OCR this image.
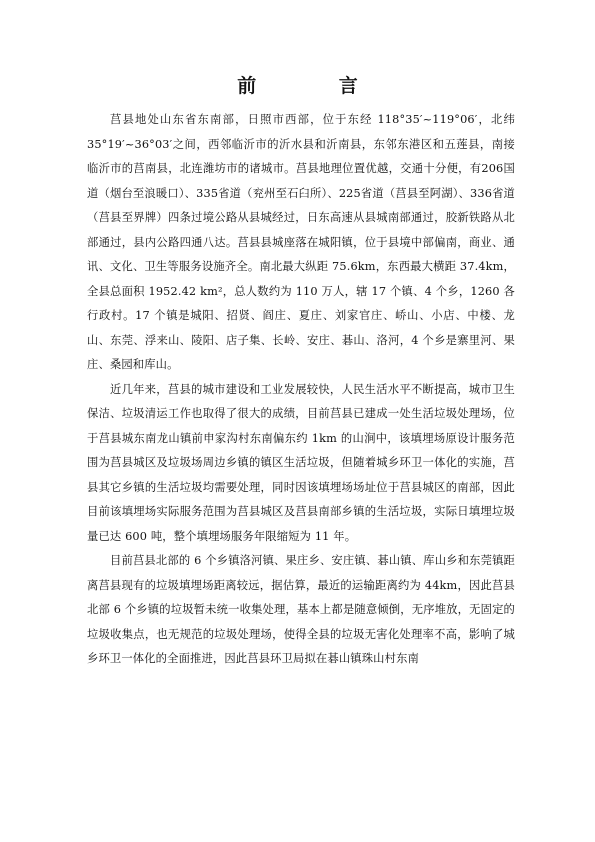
前 言

莒县地处山东省东南部，日照市西部，位于东经 118°35′~119°06′，北纬35°19′~36°03′之间，西邻临沂市的沂水县和沂南县，东邻东港区和五莲县，南接临沂市的莒南县，北连潍坊市的诸城市。莒县地理位置优越，交通十分便，有206国道（烟台至浪暖口）、335省道（兖州至石臼所）、225省道（莒县至阿湖）、336省道（莒县至界牌）四条过境公路从县城经过，日东高速从县城南部通过，胶新铁路从北部通过，县内公路四通八达。莒县县城座落在城阳镇，位于县境中部偏南，商业、通讯、文化、卫生等服务设施齐全。南北最大纵距 75.6km，东西最大横距 37.4km，全县总面积 1952.42 km²，总人数约为 110 万人，辖 17 个镇、4 个乡，1260 各行政村。17 个镇是城阳、招贤、阎庄、夏庄、刘家官庄、峤山、小店、中楼、龙山、东莞、浮来山、陵阳、店子集、长岭、安庄、碁山、洛河，4 个乡是寨里河、果庄、桑园和库山。

近几年来，莒县的城市建设和工业发展较快，人民生活水平不断提高，城市卫生保洁、垃圾清运工作也取得了很大的成绩，目前莒县已建成一处生活垃圾处理场，位于莒县城东南龙山镇前申家沟村东南偏东约 1km 的山涧中，该填埋场原设计服务范围为莒县城区及垃圾场周边乡镇的镇区生活垃圾，但随着城乡环卫一体化的实施，莒县其它乡镇的生活垃圾均需要处理，同时因该填埋场场址位于莒县城区的南部，因此目前该填埋场实际服务范围为莒县城区及莒县南部乡镇的生活垃圾，实际日填埋垃圾量已达 600 吨，整个填埋场服务年限缩短为 11 年。

目前莒县北部的 6 个乡镇洛河镇、果庄乡、安庄镇、碁山镇、库山乡和东莞镇距离莒县现有的垃圾填埋场距离较远，据估算，最近的运输距离约为 44km，因此莒县北部 6 个乡镇的垃圾暂未统一收集处理，基本上都是随意倾倒，无序堆放，无固定的垃圾收集点，也无规范的垃圾处理场，使得全县的垃圾无害化处理率不高，影响了城乡环卫一体化的全面推进，因此莒县环卫局拟在碁山镇珠山村东南
